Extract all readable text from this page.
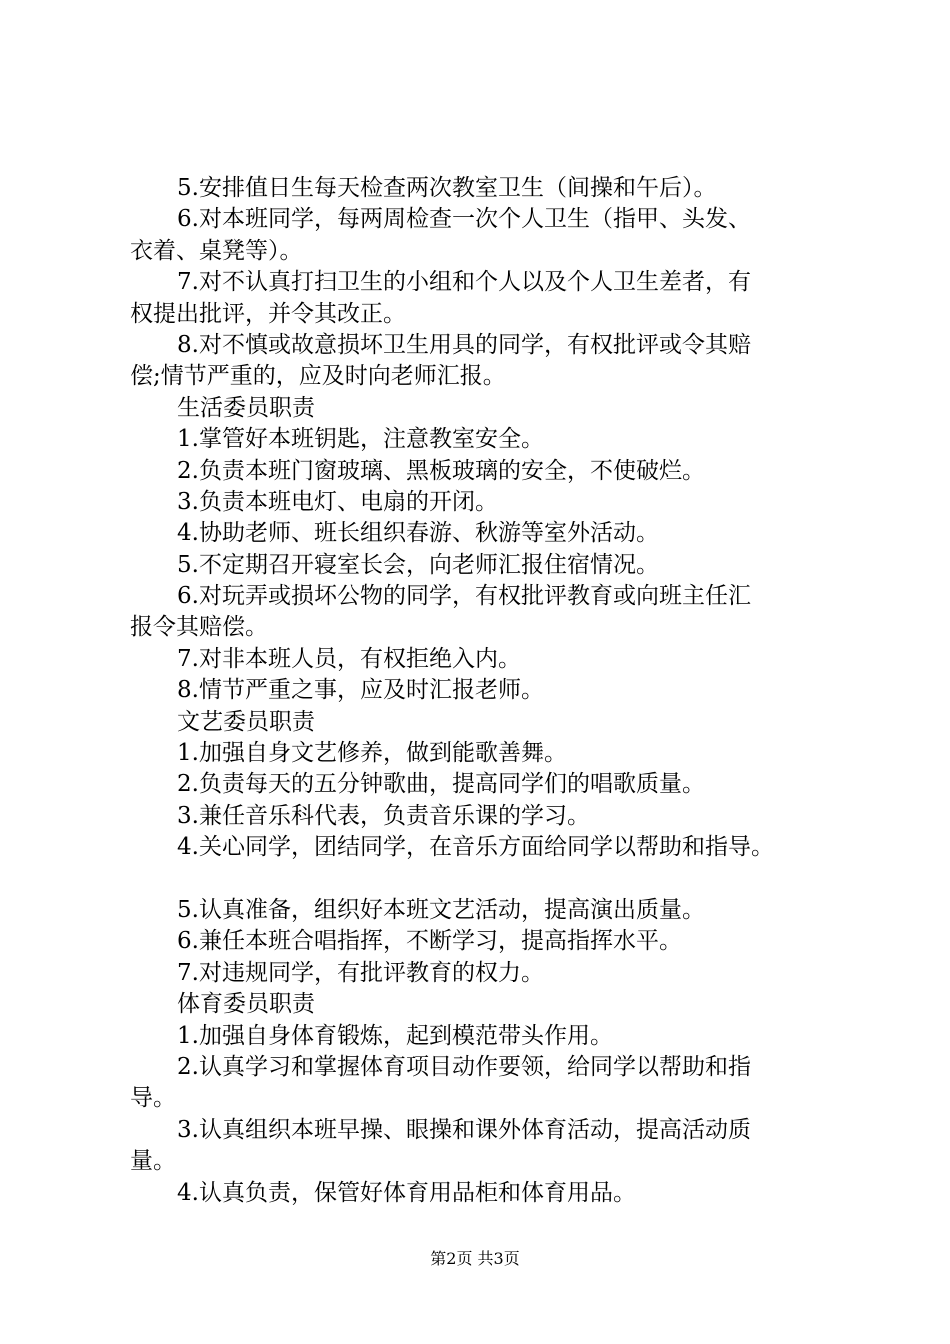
5.安排值日生每天检查两次教室卫生（间操和午后）。
6.对本班同学，每两周检查一次个人卫生（指甲、头发、
衣着、桌凳等）。
7.对不认真打扫卫生的小组和个人以及个人卫生差者，有
权提出批评，并令其改正。
8.对不慎或故意损坏卫生用具的同学，有权批评或令其赔
偿;情节严重的，应及时向老师汇报。
生活委员职责
1.掌管好本班钥匙，注意教室安全。
2.负责本班门窗玻璃、黑板玻璃的安全，不使破烂。
3.负责本班电灯、电扇的开闭。
4.协助老师、班长组织春游、秋游等室外活动。
5.不定期召开寝室长会，向老师汇报住宿情况。
6.对玩弄或损坏公物的同学，有权批评教育或向班主任汇
报令其赔偿。
7.对非本班人员，有权拒绝入内。
8.情节严重之事，应及时汇报老师。
文艺委员职责
1.加强自身文艺修养，做到能歌善舞。
2.负责每天的五分钟歌曲，提高同学们的唱歌质量。
3.兼任音乐科代表，负责音乐课的学习。
4.关心同学，团结同学，在音乐方面给同学以帮助和指导。
5.认真准备，组织好本班文艺活动，提高演出质量。
6.兼任本班合唱指挥，不断学习，提高指挥水平。
7.对违规同学，有批评教育的权力。
体育委员职责
1.加强自身体育锻炼，起到模范带头作用。
2.认真学习和掌握体育项目动作要领，给同学以帮助和指
导。
3.认真组织本班早操、眼操和课外体育活动，提高活动质
量。
4.认真负责，保管好体育用品柜和体育用品。
第2页 共3页
